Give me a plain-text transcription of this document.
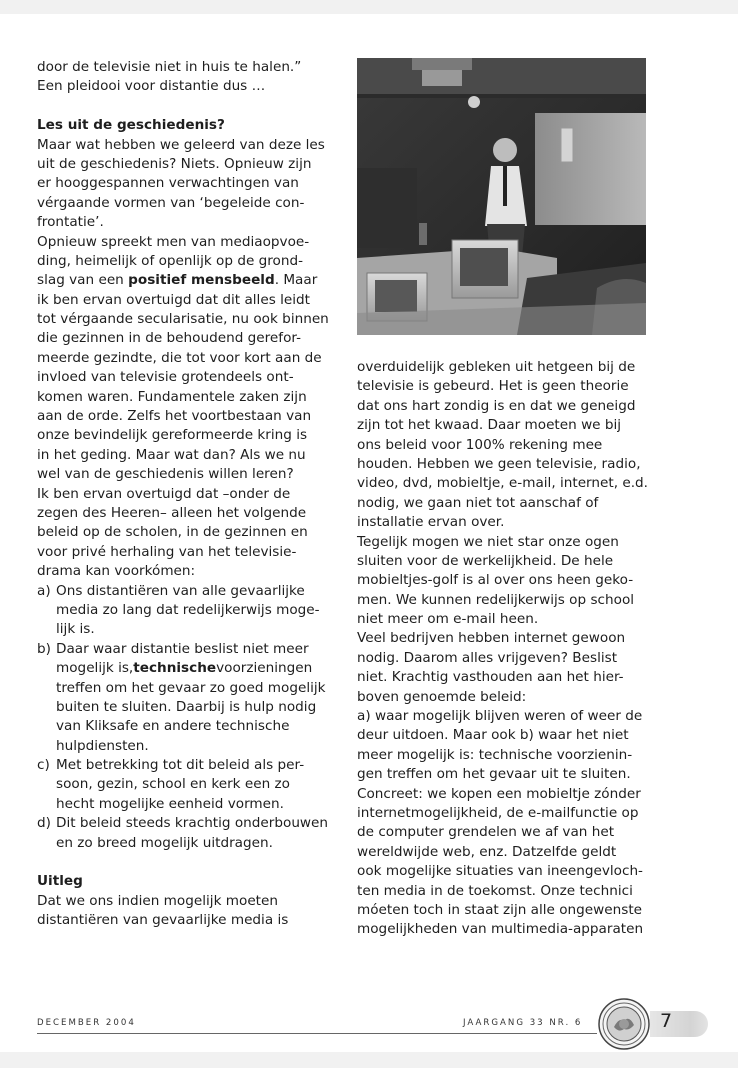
door de televisie niet in huis te halen.”
Een pleidooi voor distantie dus …
Les uit de geschiedenis?
Maar wat hebben we geleerd van deze les
uit de geschiedenis? Niets. Opnieuw zijn
er hooggespannen verwachtingen van
vérgaande vormen van ‘begeleide con-
frontatie’.
Opnieuw spreekt men van mediaopvoe-
ding, heimelijk of openlijk op de grond-
slag van een positief mensbeeld. Maar
ik ben ervan overtuigd dat dit alles leidt
tot vérgaande secularisatie, nu ook binnen
die gezinnen in de behoudend gerefor-
meerde gezindte, die tot voor kort aan de
invloed van televisie grotendeels ont-
komen waren. Fundamentele zaken zijn
aan de orde. Zelfs het voortbestaan van
onze bevindelijk gereformeerde kring is
in het geding. Maar wat dan? Als we nu
wel van de geschiedenis willen leren?
Ik ben ervan overtuigd dat –onder de
zegen des Heeren– alleen het volgende
beleid op de scholen, in de gezinnen en
voor privé herhaling van het televisie-
drama kan voorkómen:
a) Ons distantiëren van alle gevaarlijke
media zo lang dat redelijkerwijs moge-
lijk is.
b) Daar waar distantie beslist niet meer
mogelijk is, technische voorzieningen
treffen om het gevaar zo goed mogelijk
buiten te sluiten. Daarbij is hulp nodig
van Kliksafe en andere technische
hulpdiensten.
c) Met betrekking tot dit beleid als per-
soon, gezin, school en kerk een zo
hecht mogelijke eenheid vormen.
d) Dit beleid steeds krachtig onderbouwen
en zo breed mogelijk uitdragen.
Uitleg
Dat we ons indien mogelijk moeten
distantiëren van gevaarlijke media is
overduidelijk gebleken uit hetgeen bij de
televisie is gebeurd. Het is geen theorie
dat ons hart zondig is en dat we geneigd
zijn tot het kwaad. Daar moeten we bij
ons beleid voor 100% rekening mee
houden. Hebben we geen televisie, radio,
video, dvd, mobieltje, e-mail, internet, e.d.
nodig, we gaan niet tot aanschaf of
installatie ervan over.
Tegelijk mogen we niet star onze ogen
sluiten voor de werkelijkheid. De hele
mobieltjes-golf is al over ons heen geko-
men. We kunnen redelijkerwijs op school
niet meer om e-mail heen.
Veel bedrijven hebben internet gewoon
nodig. Daarom alles vrijgeven? Beslist
niet. Krachtig vasthouden aan het hier-
boven genoemde beleid:
a) waar mogelijk blijven weren of weer de
deur uitdoen. Maar ook b) waar het niet
meer mogelijk is: technische voorzienin-
gen treffen om het gevaar uit te sluiten.
Concreet: we kopen een mobieltje zónder
internetmogelijkheid, de e-mailfunctie op
de computer grendelen we af van het
wereldwijde web, enz. Datzelfde geldt
ook mogelijke situaties van ineengevloch-
ten media in de toekomst. Onze technici
móeten toch in staat zijn alle ongewenste
mogelijkheden van multimedia-apparaten
DECEMBER 2004	JAARGANG 33 NR. 6	7
